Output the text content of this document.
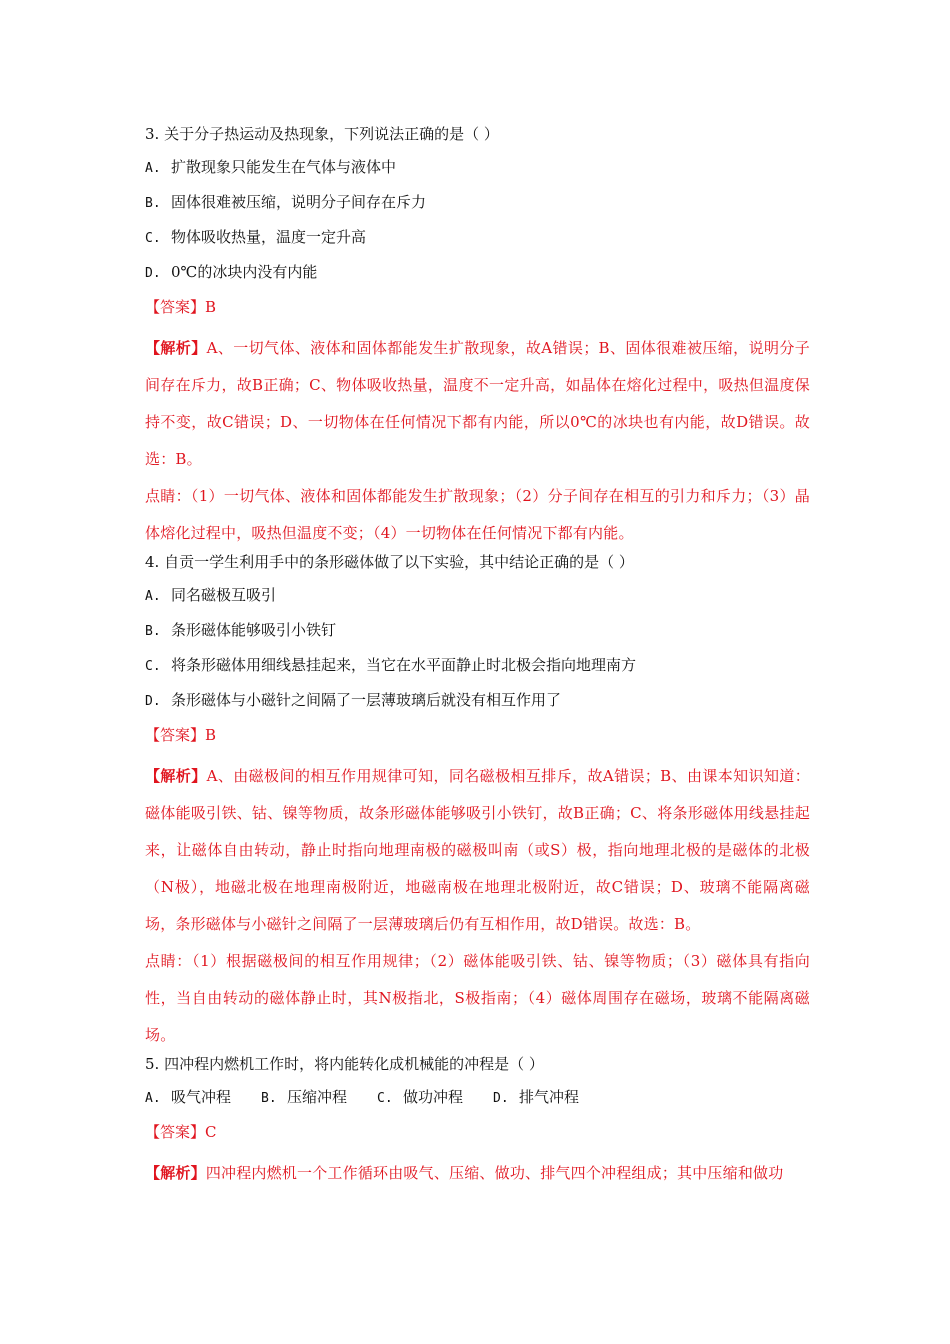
3. 关于分子热运动及热现象，下列说法正确的是（ ）
A. 扩散现象只能发生在气体与液体中
B. 固体很难被压缩，说明分子间存在斥力
C. 物体吸收热量，温度一定升高
D. 0℃的冰块内没有内能
【答案】B

【解析】A、一切气体、液体和固体都能发生扩散现象，故A错误；B、固体很难被压缩，说明分子间存在斥力，故B正确；C、物体吸收热量，温度不一定升高，如晶体在熔化过程中，吸热但温度保持不变，故C错误；D、一切物体在任何情况下都有内能，所以0℃的冰块也有内能，故D错误。故选：B。

点睛：（1）一切气体、液体和固体都能发生扩散现象；（2）分子间存在相互的引力和斥力；（3）晶体熔化过程中，吸热但温度不变；（4）一切物体在任何情况下都有内能。

4. 自贡一学生利用手中的条形磁体做了以下实验，其中结论正确的是（ ）
A. 同名磁极互吸引
B. 条形磁体能够吸引小铁钉
C. 将条形磁体用细线悬挂起来，当它在水平面静止时北极会指向地理南方
D. 条形磁体与小磁针之间隔了一层薄玻璃后就没有相互作用了
【答案】B

【解析】A、由磁极间的相互作用规律可知，同名磁极相互排斥，故A错误；B、由课本知识知道：磁体能吸引铁、钴、镍等物质，故条形磁体能够吸引小铁钉，故B正确；C、将条形磁体用线悬挂起来，让磁体自由转动，静止时指向地理南极的磁极叫南（或S）极，指向地理北极的是磁体的北极（N极），地磁北极在地理南极附近，地磁南极在地理北极附近，故C错误；D、玻璃不能隔离磁场，条形磁体与小磁针之间隔了一层薄玻璃后仍有互相作用，故D错误。故选：B。

点睛：（1）根据磁极间的相互作用规律；（2）磁体能吸引铁、钴、镍等物质；（3）磁体具有指向性，当自由转动的磁体静止时，其N极指北，S极指南；（4）磁体周围存在磁场，玻璃不能隔离磁场。

5. 四冲程内燃机工作时，将内能转化成机械能的冲程是（ ）
A. 吸气冲程 B. 压缩冲程 C. 做功冲程 D. 排气冲程
【答案】C

【解析】四冲程内燃机一个工作循环由吸气、压缩、做功、排气四个冲程组成；其中压缩和做功
